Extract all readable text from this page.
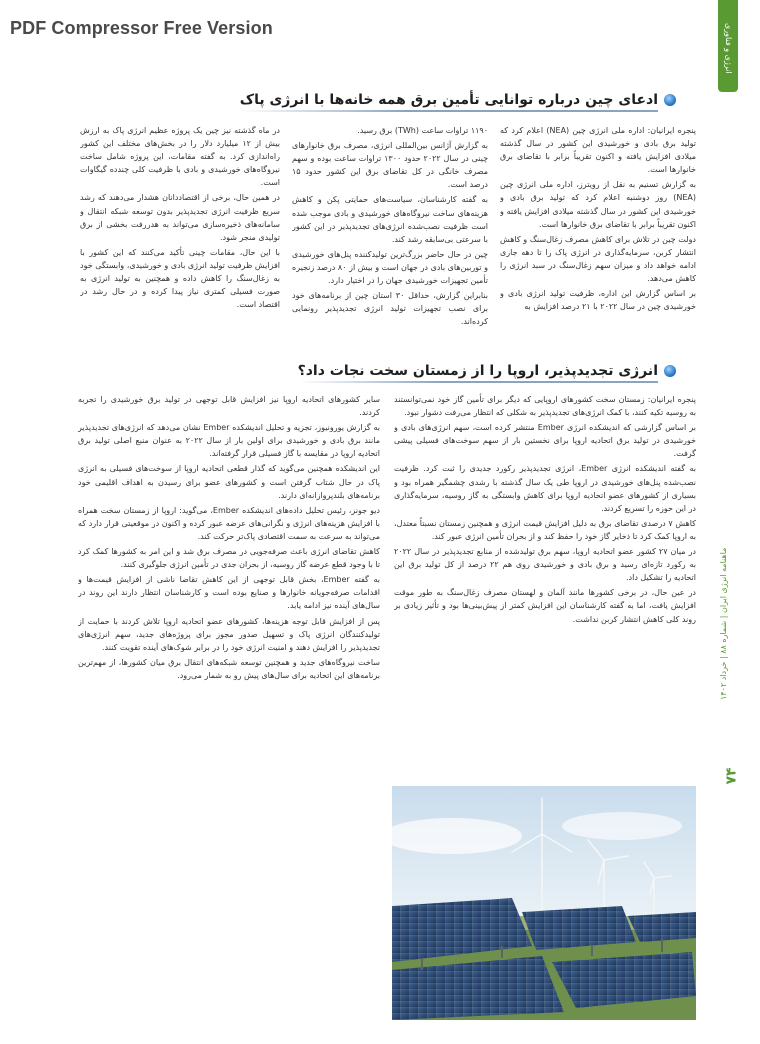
PDF Compressor Free Version	انرژی و فناوری
ماهنامه انرژی ایران | شماره ۸۸ | خرداد ۱۴۰۲
۷۴
ادعای چین درباره توانایی تأمین برق همه خانه‌ها با انرژی پاک

پنجره ایرانیان: اداره ملی انرژی چین (NEA) اعلام کرد که تولید برق بادی و خورشیدی این کشور در سال گذشته میلادی افزایش یافته و اکنون تقریباً برابر با تقاضای برق خانوارها است.

به گزارش تسنیم به نقل از رویترز، اداره ملی انرژی چین (NEA) روز دوشنبه اعلام کرد که تولید برق بادی و خورشیدی این کشور در سال گذشته میلادی افزایش یافته و اکنون تقریباً برابر با تقاضای برق خانوارها است.

دولت چین در تلاش برای کاهش مصرف زغال‌سنگ و کاهش انتشار کربن، سرمایه‌گذاری در انرژی پاک را تا دهه جاری ادامه خواهد داد و میزان سهم زغال‌سنگ در سبد انرژی را کاهش می‌دهد.

بر اساس گزارش این اداره، ظرفیت تولید انرژی بادی و خورشیدی چین در سال ۲۰۲۲ با ۲۱ درصد افزایش به

۱۱۹۰ تراوات ساعت (TWh) برق رسید.

به گزارش آژانس بین‌المللی انرژی، مصرف برق خانوارهای چینی در سال ۲۰۲۲ حدود ۱۳۰۰ تراوات ساعت بوده و سهم مصرف خانگی در کل تقاضای برق این کشور حدود ۱۵ درصد است.

به گفته کارشناسان، سیاست‌های حمایتی پکن و کاهش هزینه‌های ساخت نیروگاه‌های خورشیدی و بادی موجب شده است ظرفیت نصب‌شده انرژی‌های تجدیدپذیر در این کشور با سرعتی بی‌سابقه رشد کند.

چین در حال حاضر بزرگ‌ترین تولیدکننده پنل‌های خورشیدی و توربین‌های بادی در جهان است و بیش از ۸۰ درصد زنجیره تأمین تجهیزات خورشیدی جهان را در اختیار دارد.

بنابراین گزارش، حداقل ۳۰ استان چین از برنامه‌های خود برای نصب تجهیزات تولید انرژی تجدیدپذیر رونمایی کرده‌اند.

در ماه گذشته نیز چین یک پروژه عظیم انرژی پاک به ارزش بیش از ۱۲ میلیارد دلار را در بخش‌های مختلف این کشور راه‌اندازی کرد. به گفته مقامات، این پروژه شامل ساخت نیروگاه‌های خورشیدی و بادی با ظرفیت کلی چندده گیگاوات است.

در همین حال، برخی از اقتصاددانان هشدار می‌دهند که رشد سریع ظرفیت انرژی تجدیدپذیر بدون توسعه شبکه انتقال و سامانه‌های ذخیره‌سازی می‌تواند به هدررفت بخشی از برق تولیدی منجر شود.

با این حال، مقامات چینی تأکید می‌کنند که این کشور با افزایش ظرفیت تولید انرژی بادی و خورشیدی، وابستگی خود به زغال‌سنگ را کاهش داده و همچنین به تولید انرژی به صورت فسیلی کمتری نیاز پیدا کرده و در حال رشد در اقتصاد است.

انرژی تجدیدپذیر، اروپا را از زمستان سخت نجات داد؟

پنجره ایرانیان: زمستان سخت کشورهای اروپایی که دیگر برای تأمین گاز خود نمی‌توانستند به روسیه تکیه کنند، با کمک انرژی‌های تجدیدپذیر به شکلی که انتظار می‌رفت دشوار نبود.

بر اساس گزارشی که اندیشکده انرژی Ember منتشر کرده است، سهم انرژی‌های بادی و خورشیدی در تولید برق اتحادیه اروپا برای نخستین بار از سهم سوخت‌های فسیلی پیشی گرفت.

به گفته اندیشکده انرژی Ember، انرژی تجدیدپذیر رکورد جدیدی را ثبت کرد. ظرفیت نصب‌شده پنل‌های خورشیدی در اروپا طی یک سال گذشته با رشدی چشمگیر همراه بود و بسیاری از کشورهای عضو اتحادیه اروپا برای کاهش وابستگی به گاز روسیه، سرمایه‌گذاری در این حوزه را تسریع کردند.

کاهش ۷ درصدی تقاضای برق به دلیل افزایش قیمت انرژی و همچنین زمستان نسبتاً معتدل، به اروپا کمک کرد تا ذخایر گاز خود را حفظ کند و از بحران تأمین انرژی عبور کند.

در میان ۲۷ کشور عضو اتحادیه اروپا، سهم برق تولیدشده از منابع تجدیدپذیر در سال ۲۰۲۲ به رکورد تازه‌ای رسید و برق بادی و خورشیدی روی هم ۲۲ درصد از کل تولید برق این اتحادیه را تشکیل داد.

در عین حال، در برخی کشورها مانند آلمان و لهستان مصرف زغال‌سنگ به طور موقت افزایش یافت، اما به گفته کارشناسان این افزایش کمتر از پیش‌بینی‌ها بود و تأثیر زیادی بر روند کلی کاهش انتشار کربن نداشت.

سایر کشورهای اتحادیه اروپا نیز افزایش قابل توجهی در تولید برق خورشیدی را تجربه کردند.

به گزارش یورونیوز، تجزیه و تحلیل اندیشکده Ember نشان می‌دهد که انرژی‌های تجدیدپذیر مانند برق بادی و خورشیدی برای اولین بار از سال ۲۰۲۲ به عنوان منبع اصلی تولید برق اتحادیه اروپا در مقایسه با گاز فسیلی قرار گرفته‌اند.

این اندیشکده همچنین می‌گوید که گذار قطعی اتحادیه اروپا از سوخت‌های فسیلی به انرژی پاک در حال شتاب گرفتن است و کشورهای عضو برای رسیدن به اهداف اقلیمی خود برنامه‌های بلندپروازانه‌ای دارند.

دیو جونز، رئیس تحلیل داده‌های اندیشکده Ember، می‌گوید: اروپا از زمستان سخت همراه با افزایش هزینه‌های انرژی و نگرانی‌های عرضه عبور کرده و اکنون در موقعیتی قرار دارد که می‌تواند به سرعت به سمت اقتصادی پاک‌تر حرکت کند.

کاهش تقاضای انرژی باعث صرفه‌جویی در مصرف برق شد و این امر به کشورها کمک کرد تا با وجود قطع عرضه گاز روسیه، از بحران جدی در تأمین انرژی جلوگیری کنند.

به گفته Ember، بخش قابل توجهی از این کاهش تقاضا ناشی از افزایش قیمت‌ها و اقدامات صرفه‌جویانه خانوارها و صنایع بوده است و کارشناسان انتظار دارند این روند در سال‌های آینده نیز ادامه یابد.

پس از افزایش قابل توجه هزینه‌ها، کشورهای عضو اتحادیه اروپا تلاش کردند با حمایت از تولیدکنندگان انرژی پاک و تسهیل صدور مجوز برای پروژه‌های جدید، سهم انرژی‌های تجدیدپذیر را افزایش دهند و امنیت انرژی خود را در برابر شوک‌های آینده تقویت کنند.

ساخت نیروگاه‌های جدید و همچنین توسعه شبکه‌های انتقال برق میان کشورها، از مهم‌ترین برنامه‌های این اتحادیه برای سال‌های پیش رو به شمار می‌رود.
